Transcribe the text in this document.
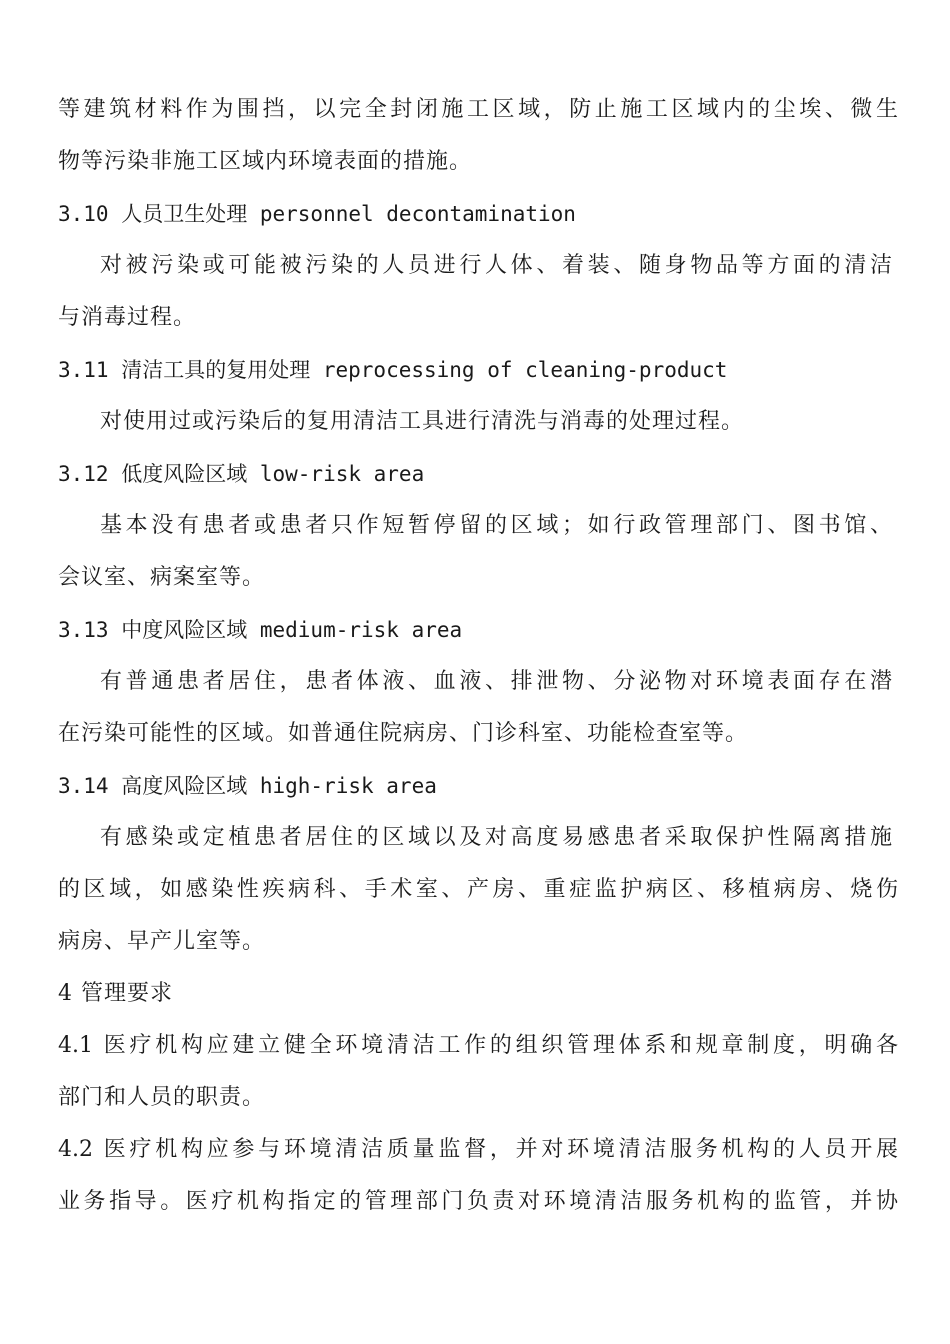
等建筑材料作为围挡，以完全封闭施工区域，防止施工区域内的尘埃、微生
物等污染非施工区域内环境表面的措施。
3.10 人员卫生处理 personnel decontamination
对被污染或可能被污染的人员进行人体、着装、随身物品等方面的清洁
与消毒过程。
3.11 清洁工具的复用处理 reprocessing of cleaning-product
对使用过或污染后的复用清洁工具进行清洗与消毒的处理过程。
3.12 低度风险区域 low-risk area
基本没有患者或患者只作短暂停留的区域；如行政管理部门、图书馆、
会议室、病案室等。
3.13 中度风险区域 medium-risk area
有普通患者居住，患者体液、血液、排泄物、分泌物对环境表面存在潜
在污染可能性的区域。如普通住院病房、门诊科室、功能检查室等。
3.14 高度风险区域 high-risk area
有感染或定植患者居住的区域以及对高度易感患者采取保护性隔离措施
的区域，如感染性疾病科、手术室、产房、重症监护病区、移植病房、烧伤
病房、早产儿室等。
4 管理要求
4.1 医疗机构应建立健全环境清洁工作的组织管理体系和规章制度，明确各
部门和人员的职责。
4.2 医疗机构应参与环境清洁质量监督，并对环境清洁服务机构的人员开展
业务指导。医疗机构指定的管理部门负责对环境清洁服务机构的监管，并协
